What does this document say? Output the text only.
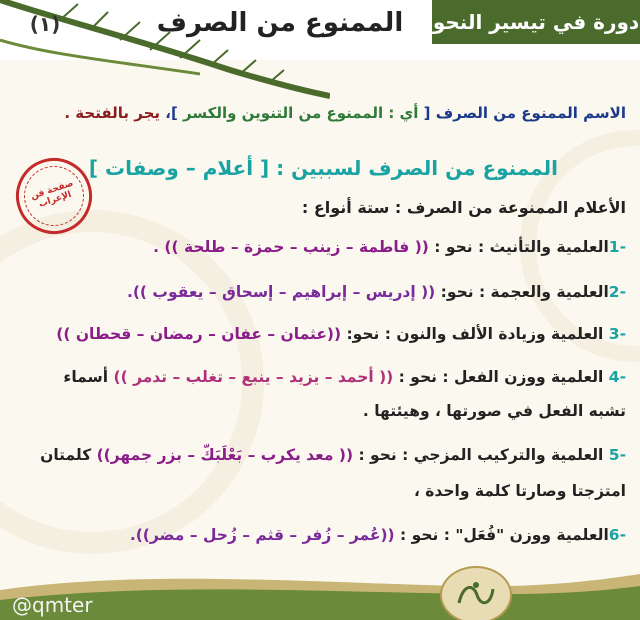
دورة في تيسير النحو
الممنوع من الصرف
(١)
الاسم الممنوع من الصرف [ أي : الممنوع من التنوين والكسر ]، يجر بالفتحة .
الممنوع من الصرف لسببين : [ أعلام – وصفات ]
صفحة فن الإعراب	الأعلام الممنوعة من الصرف : ستة أنواع :
-1العلمية والتأنيث : نحو : (( فاطمة – زينب – حمزة – طلحة )) .
-2العلمية والعجمة : نحو: (( إدريس – إبراهيم – إسحاق – يعقوب )).
-3 العلمية وزيادة الألف والنون : نحو: ((عثمان – عفان – رمضان – قحطان ))
-4 العلمية ووزن الفعل : نحو : (( أحمد – يزيد – ينبع – تغلب – تدمر )) أسماء
تشبه الفعل في صورتها ، وهيئتها .
-5 العلمية والتركيب المزجي : نحو : (( معد يكرب – بَعْلَبَكّ – بزر جمهر)) كلمتان
امتزجتا وصارتا كلمة واحدة ،
-6العلمية ووزن "فُعَل" : نحو : ((عُمر – زُفر – قثم – زُحل – مضر)).
@qmter
